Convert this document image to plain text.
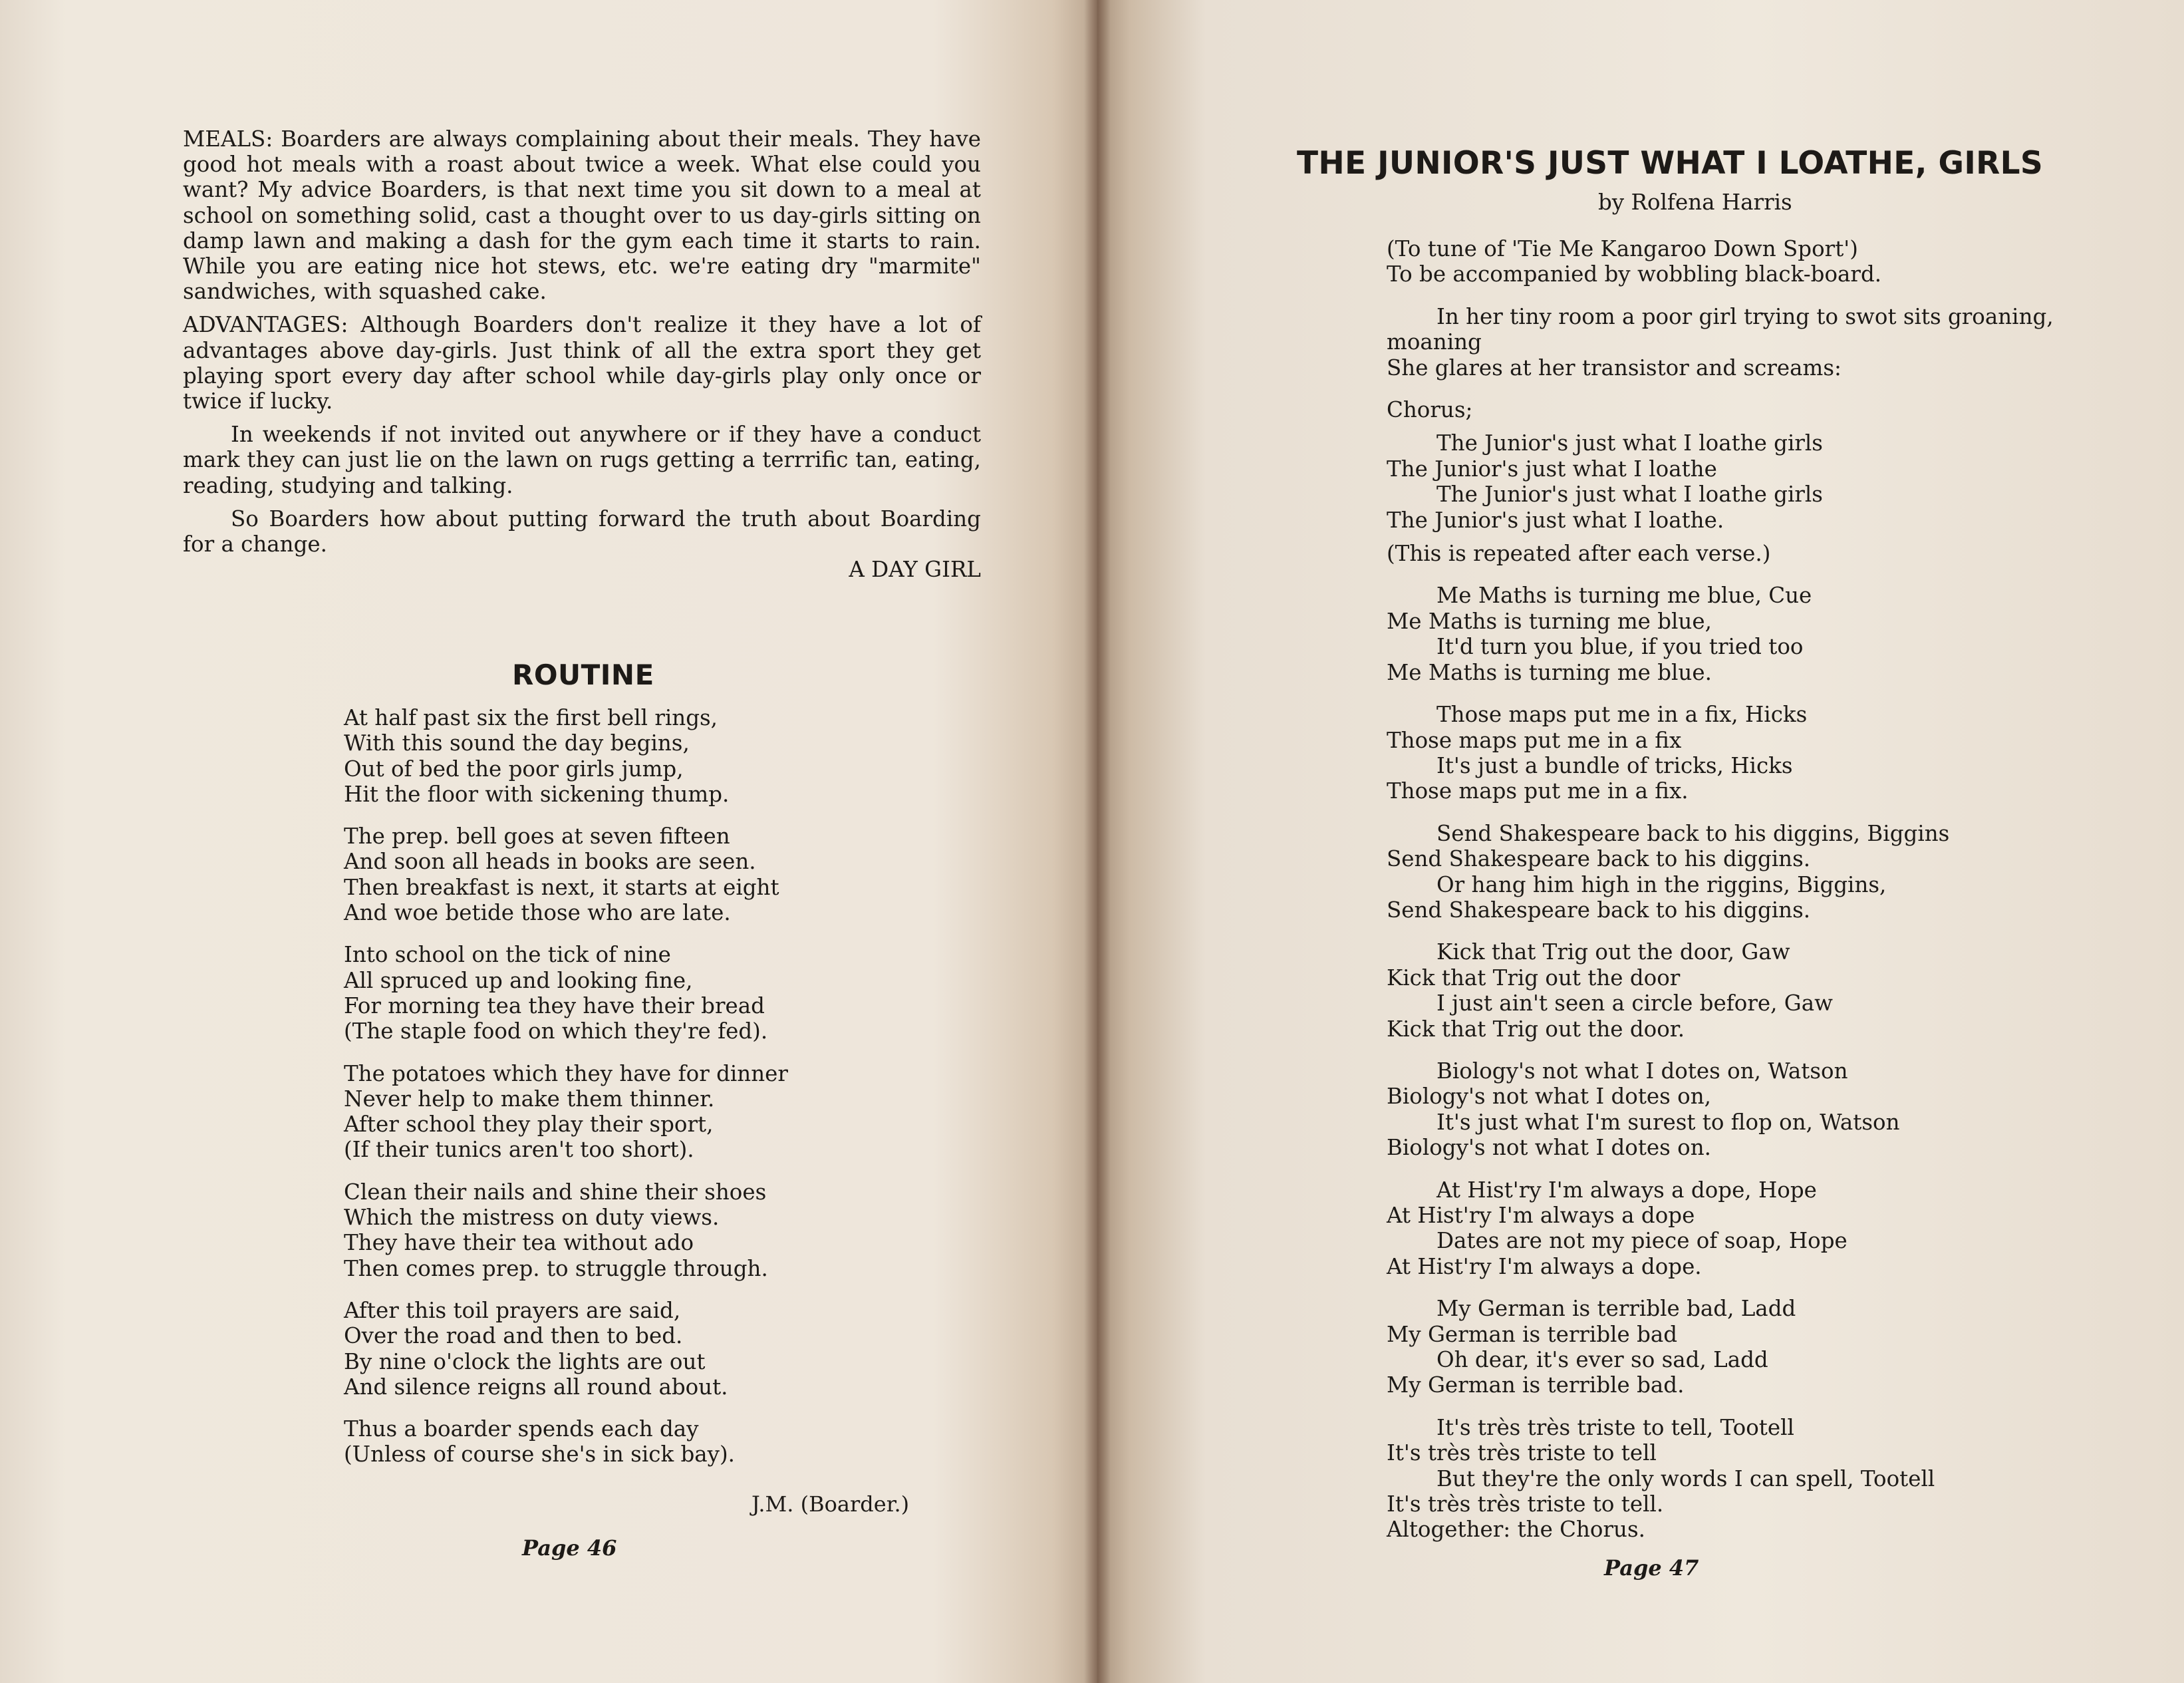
MEALS: Boarders are always complaining about their meals. They have good hot meals with a roast about twice a week. What else could you want? My advice Boarders, is that next time you sit down to a meal at school on something solid, cast a thought over to us day-girls sitting on damp lawn and making a dash for the gym each time it starts to rain. While you are eating nice hot stews, etc. we're eating dry "marmite" sandwiches, with squashed cake.

ADVANTAGES: Although Boarders don't realize it they have a lot of advantages above day-girls. Just think of all the extra sport they get playing sport every day after school while day-girls play only once or twice if lucky.

In weekends if not invited out anywhere or if they have a conduct mark they can just lie on the lawn on rugs getting a terrrific tan, eating, reading, studying and talking.

So Boarders how about putting forward the truth about Boarding for a change.

A DAY GIRL
ROUTINE
At half past six the first bell rings,
With this sound the day begins,
Out of bed the poor girls jump,
Hit the floor with sickening thump.
The prep. bell goes at seven fifteen
And soon all heads in books are seen.
Then breakfast is next, it starts at eight
And woe betide those who are late.
Into school on the tick of nine
All spruced up and looking fine,
For morning tea they have their bread
(The staple food on which they're fed).
The potatoes which they have for dinner
Never help to make them thinner.
After school they play their sport,
(If their tunics aren't too short).
Clean their nails and shine their shoes
Which the mistress on duty views.
They have their tea without ado
Then comes prep. to struggle through.
After this toil prayers are said,
Over the road and then to bed.
By nine o'clock the lights are out
And silence reigns all round about.
Thus a boarder spends each day
(Unless of course she's in sick bay).
J.M. (Boarder.)
Page 46
THE JUNIOR'S JUST WHAT I LOATHE, GIRLS
by Rolfena Harris
(To tune of 'Tie Me Kangaroo Down Sport')
To be accompanied by wobbling black-board.
In her tiny room a poor girl trying to swot sits groaning, moaning
She glares at her transistor and screams:
Chorus;
The Junior's just what I loathe girls
The Junior's just what I loathe
The Junior's just what I loathe girls
The Junior's just what I loathe.
(This is repeated after each verse.)
Me Maths is turning me blue, Cue
Me Maths is turning me blue,
It'd turn you blue, if you tried too
Me Maths is turning me blue.
Those maps put me in a fix, Hicks
Those maps put me in a fix
It's just a bundle of tricks, Hicks
Those maps put me in a fix.
Send Shakespeare back to his diggins, Biggins
Send Shakespeare back to his diggins.
Or hang him high in the riggins, Biggins,
Send Shakespeare back to his diggins.
Kick that Trig out the door, Gaw
Kick that Trig out the door
I just ain't seen a circle before, Gaw
Kick that Trig out the door.
Biology's not what I dotes on, Watson
Biology's not what I dotes on,
It's just what I'm surest to flop on, Watson
Biology's not what I dotes on.
At Hist'ry I'm always a dope, Hope
At Hist'ry I'm always a dope
Dates are not my piece of soap, Hope
At Hist'ry I'm always a dope.
My German is terrible bad, Ladd
My German is terrible bad
Oh dear, it's ever so sad, Ladd
My German is terrible bad.
It's très très triste to tell, Tootell
It's très très triste to tell
But they're the only words I can spell, Tootell
It's très très triste to tell.
Altogether: the Chorus.
Page 47
